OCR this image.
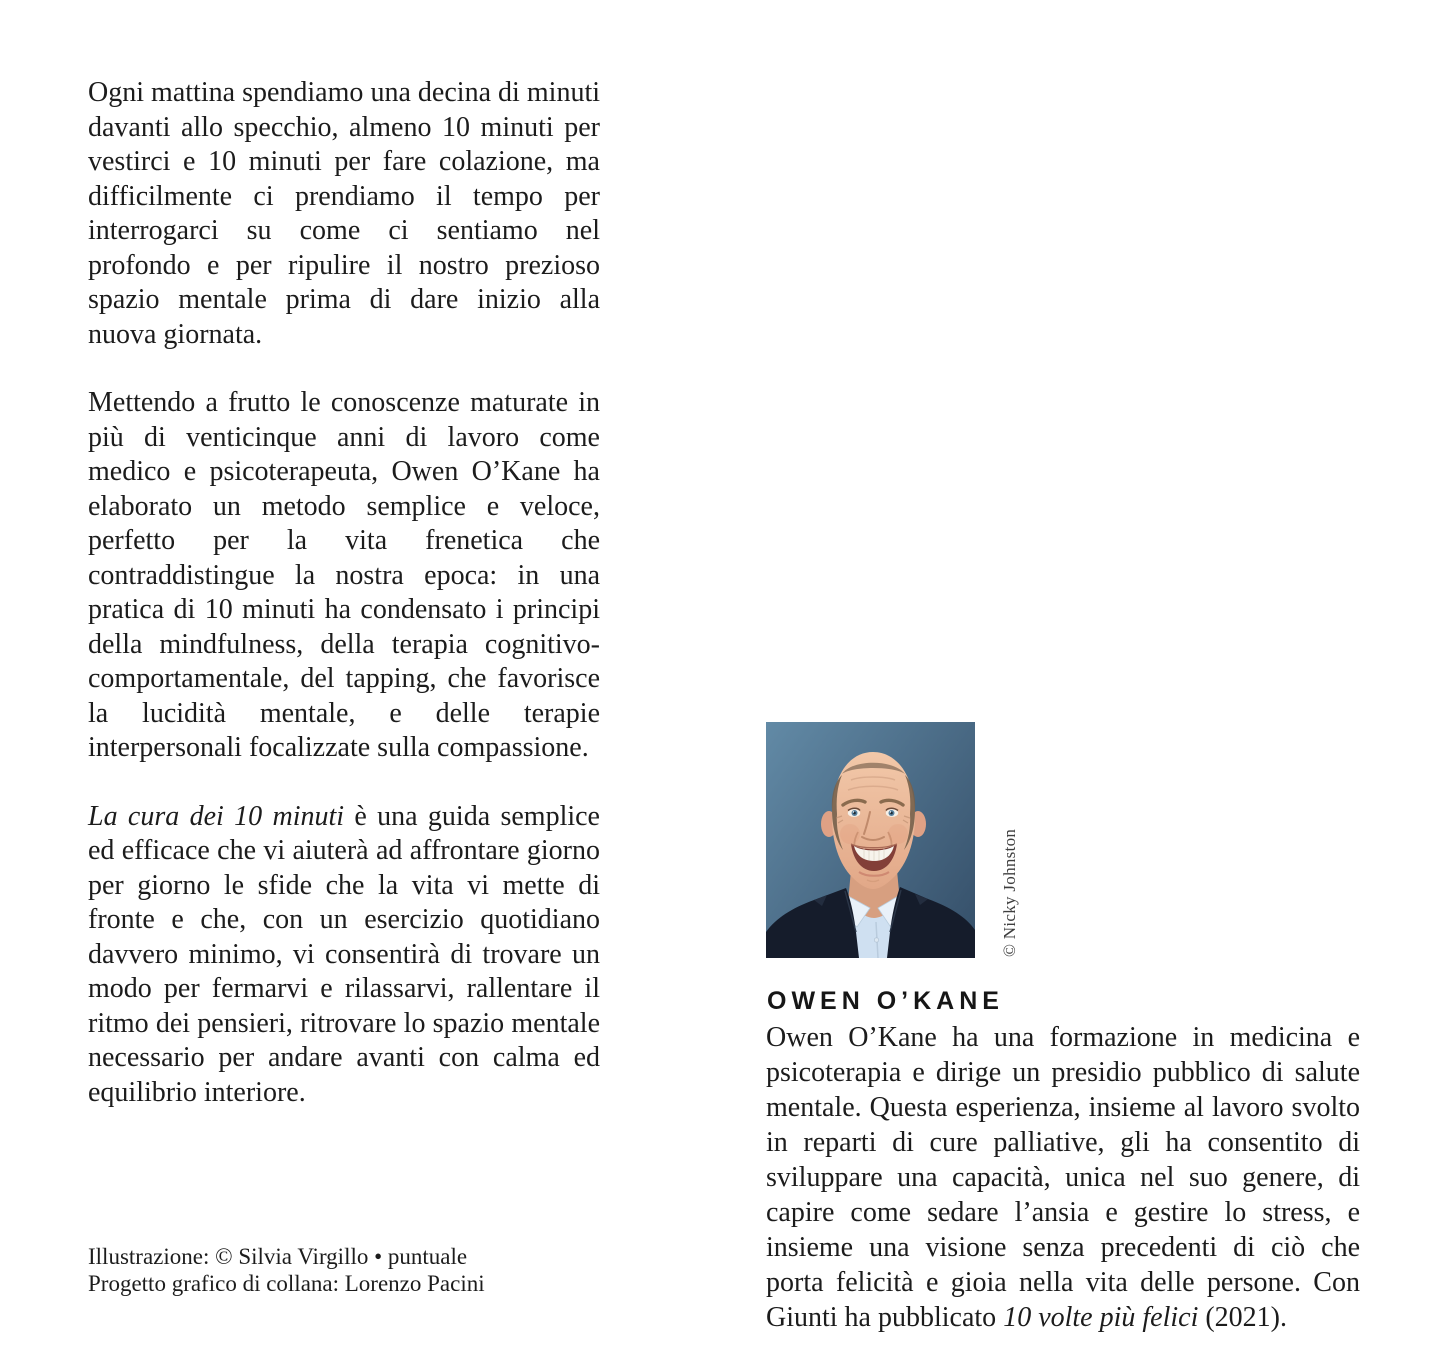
Ogni mattina spendiamo una decina di minuti davanti allo specchio, almeno 10 minuti per vestirci e 10 minuti per fare colazione, ma difficilmente ci prendiamo il tempo per interrogarci su come ci sentiamo nel profondo e per ripulire il nostro prezioso spazio mentale prima di dare inizio alla nuova giornata.

Mettendo a frutto le conoscenze maturate in più di venticinque anni di lavoro come medico e psicoterapeuta, Owen O’Kane ha elaborato un metodo semplice e veloce, perfetto per la vita frenetica che contraddistingue la nostra epoca: in una pratica di 10 minuti ha condensato i principi della mindfulness, della terapia cognitivo-comportamentale, del tapping, che favorisce la lucidità mentale, e delle terapie interpersonali focalizzate sulla compassione.

La cura dei 10 minuti è una guida semplice ed efficace che vi aiuterà ad affrontare giorno per giorno le sfide che la vita vi mette di fronte e che, con un esercizio quotidiano davvero minimo, vi consentirà di trovare un modo per fermarvi e rilassarvi, rallentare il ritmo dei pensieri, ritrovare lo spazio mentale necessario per andare avanti con calma ed equilibrio interiore.

Illustrazione: © Silvia Virgillo • puntuale
Progetto grafico di collana: Lorenzo Pacini
© Nicky Johnston
OWEN O’KANE

Owen O’Kane ha una formazione in medicina e psicoterapia e dirige un presidio pubblico di salute mentale. Questa esperienza, insieme al lavoro svolto in reparti di cure palliative, gli ha consentito di sviluppare una capacità, unica nel suo genere, di capire come sedare l’ansia e gestire lo stress, e insieme una visione senza precedenti di ciò che porta felicità e gioia nella vita delle persone. Con Giunti ha pubblicato 10 volte più felici (2021).
